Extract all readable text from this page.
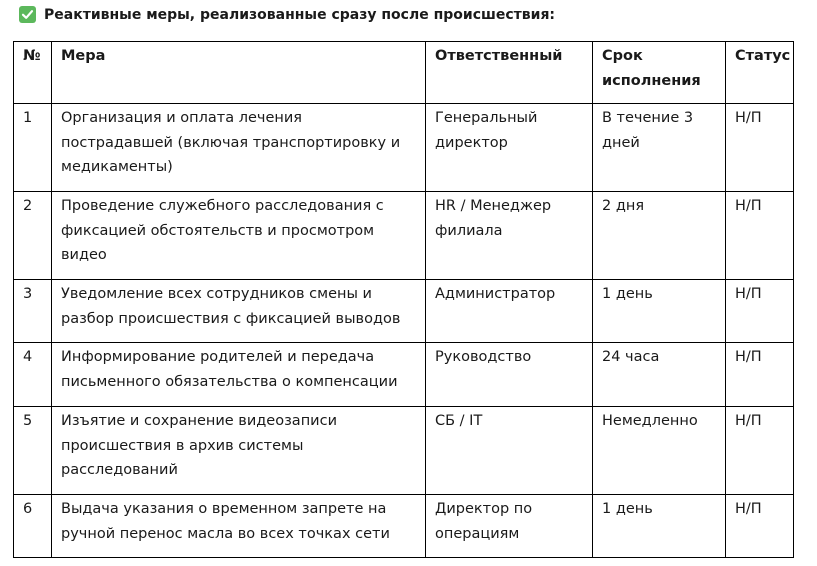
Реактивные меры, реализованные сразу после происшествия:
№	Мера	Ответственный	Срок исполнения	Статус
1	Организация и оплата лечения пострадавшей (включая транспортировку и медикаменты)	Генеральный директор	В течение 3 дней	Н/П
2	Проведение служебного расследования с фиксацией обстоятельств и просмотром видео	HR / Менеджер филиала	2 дня	Н/П
3	Уведомление всех сотрудников смены и разбор происшествия с фиксацией выводов	Администратор	1 день	Н/П
4	Информирование родителей и передача письменного обязательства о компенсации	Руководство	24 часа	Н/П
5	Изъятие и сохранение видеозаписи происшествия в архив системы расследований	СБ / IT	Немедленно	Н/П
6	Выдача указания о временном запрете на ручной перенос масла во всех точках сети	Директор по операциям	1 день	Н/П
